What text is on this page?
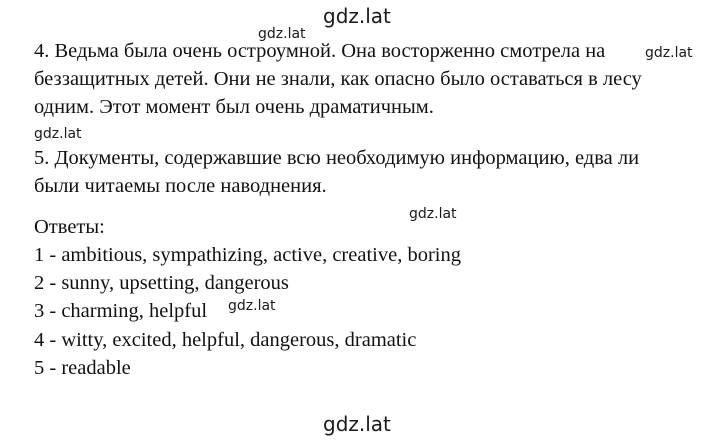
gdz.lat
gdz.lat
gdz.lat
gdz.lat
gdz.lat
gdz.lat
gdz.lat
4. Ведьма была очень остроумной. Она восторженно смотрела на
беззащитных детей. Они не знали, как опасно было оставаться в лесу
одним. Этот момент был очень драматичным.
5. Документы, содержавшие всю необходимую информацию, едва ли
были читаемы после наводнения.
Ответы:
1 - ambitious, sympathizing, active, creative, boring
2 - sunny, upsetting, dangerous
3 - charming, helpful
4 - witty, excited, helpful, dangerous, dramatic
5 - readable
